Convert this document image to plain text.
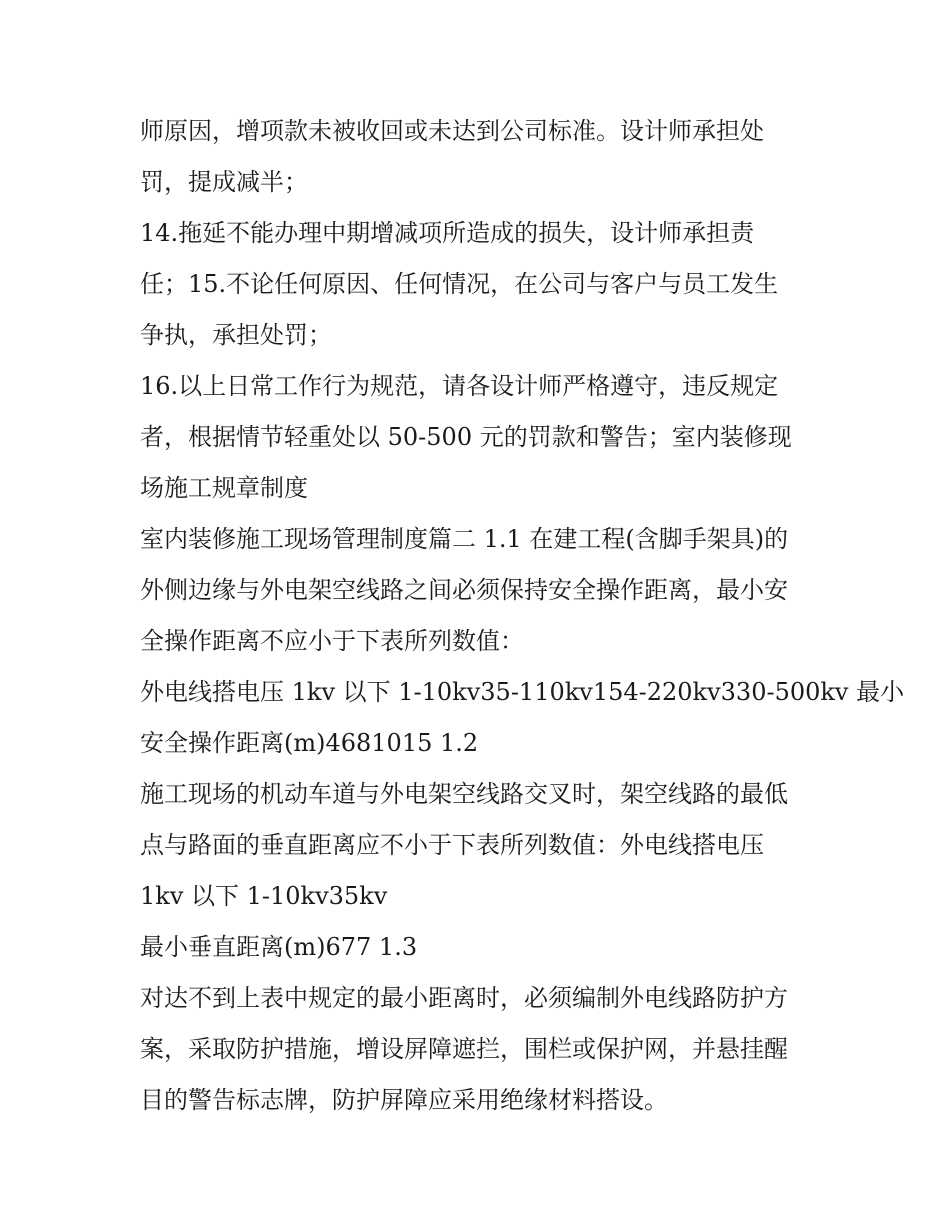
师原因，增项款未被收回或未达到公司标准。设计师承担处
罚，提成减半；
14.拖延不能办理中期增减项所造成的损失，设计师承担责
任；15.不论任何原因、任何情况，在公司与客户与员工发生
争执，承担处罚；
16.以上日常工作行为规范，请各设计师严格遵守，违反规定
者，根据情节轻重处以 50-500 元的罚款和警告；室内装修现
场施工规章制度
室内装修施工现场管理制度篇二 1.1 在建工程(含脚手架具)的
外侧边缘与外电架空线路之间必须保持安全操作距离，最小安
全操作距离不应小于下表所列数值：
外电线搭电压 1kv 以下 1-10kv35-110kv154-220kv330-500kv 最小
安全操作距离(m)4681015 1.2
施工现场的机动车道与外电架空线路交叉时，架空线路的最低
点与路面的垂直距离应不小于下表所列数值：外电线搭电压
1kv 以下 1-10kv35kv
最小垂直距离(m)677 1.3
对达不到上表中规定的最小距离时，必须编制外电线路防护方
案，采取防护措施，增设屏障遮拦，围栏或保护网，并悬挂醒
目的警告标志牌，防护屏障应采用绝缘材料搭设。
